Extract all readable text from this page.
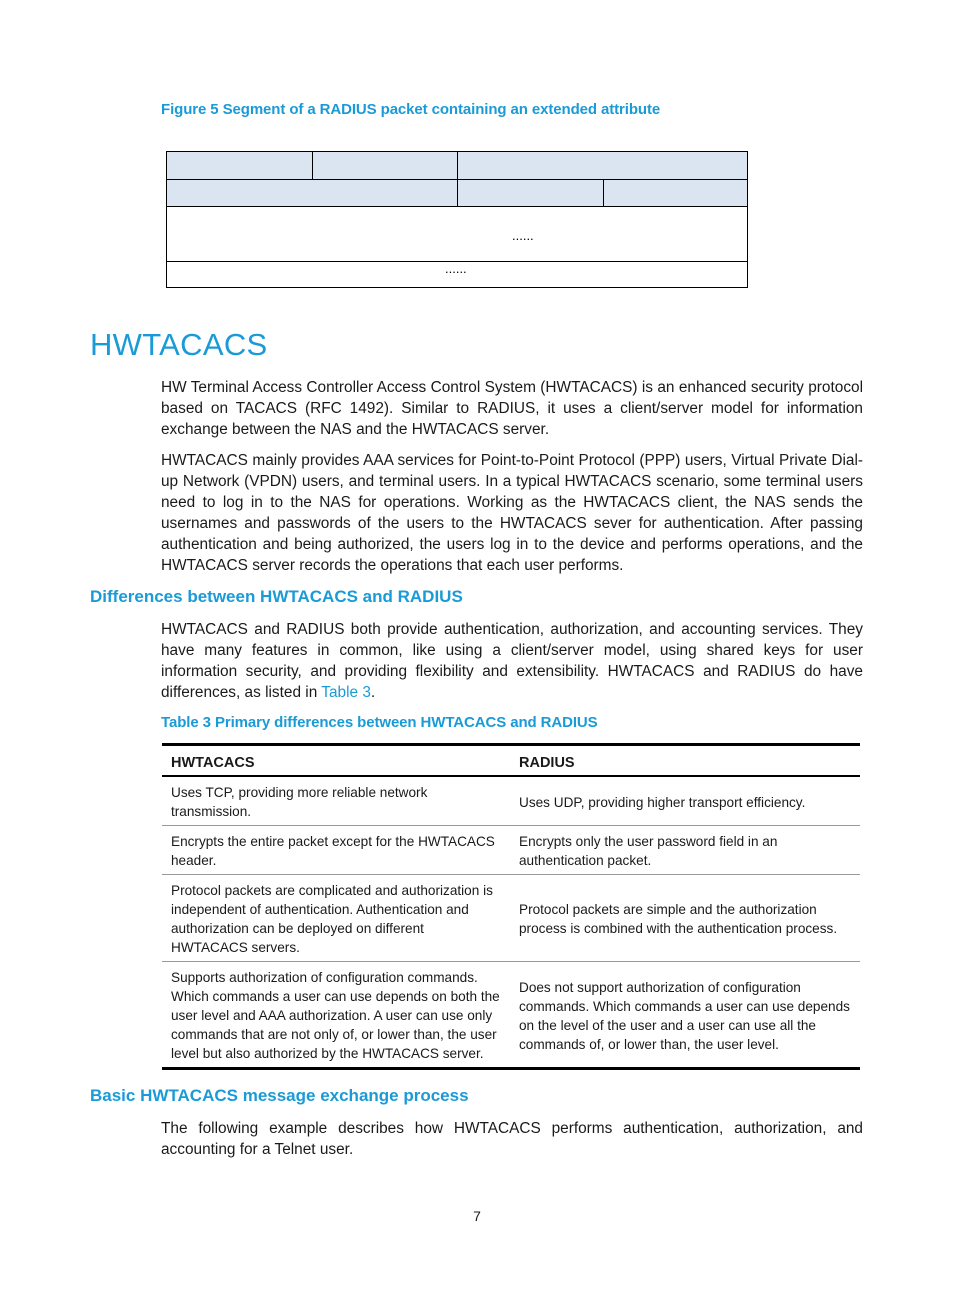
Figure 5 Segment of a RADIUS packet containing an extended attribute
......
......
HWTACACS

HW Terminal Access Controller Access Control System (HWTACACS) is an enhanced security protocol based on TACACS (RFC 1492). Similar to RADIUS, it uses a client/server model for information exchange between the NAS and the HWTACACS server.

HWTACACS mainly provides AAA services for Point-to-Point Protocol (PPP) users, Virtual Private Dial-up Network (VPDN) users, and terminal users. In a typical HWTACACS scenario, some terminal users need to log in to the NAS for operations. Working as the HWTACACS client, the NAS sends the usernames and passwords of the users to the HWTACACS sever for authentication. After passing authentication and being authorized, the users log in to the device and performs operations, and the HWTACACS server records the operations that each user performs.

Differences between HWTACACS and RADIUS

HWTACACS and RADIUS both provide authentication, authorization, and accounting services. They have many features in common, like using a client/server model, using shared keys for user information security, and providing flexibility and extensibility. HWTACACS and RADIUS do have differences, as listed in Table 3.

Table 3 Primary differences between HWTACACS and RADIUS
HWTACACS	RADIUS
Uses TCP, providing more reliable network transmission.	Uses UDP, providing higher transport efficiency.
Encrypts the entire packet except for the HWTACACS header.	Encrypts only the user password field in an authentication packet.
Protocol packets are complicated and authorization is independent of authentication. Authentication and authorization can be deployed on different HWTACACS servers.	Protocol packets are simple and the authorization process is combined with the authentication process.
Supports authorization of configuration commands. Which commands a user can use depends on both the user level and AAA authorization. A user can use only commands that are not only of, or lower than, the user level but also authorized by the HWTACACS server.	Does not support authorization of configuration commands. Which commands a user can use depends on the level of the user and a user can use all the commands of, or lower than, the user level.
Basic HWTACACS message exchange process

The following example describes how HWTACACS performs authentication, authorization, and accounting for a Telnet user.

7
